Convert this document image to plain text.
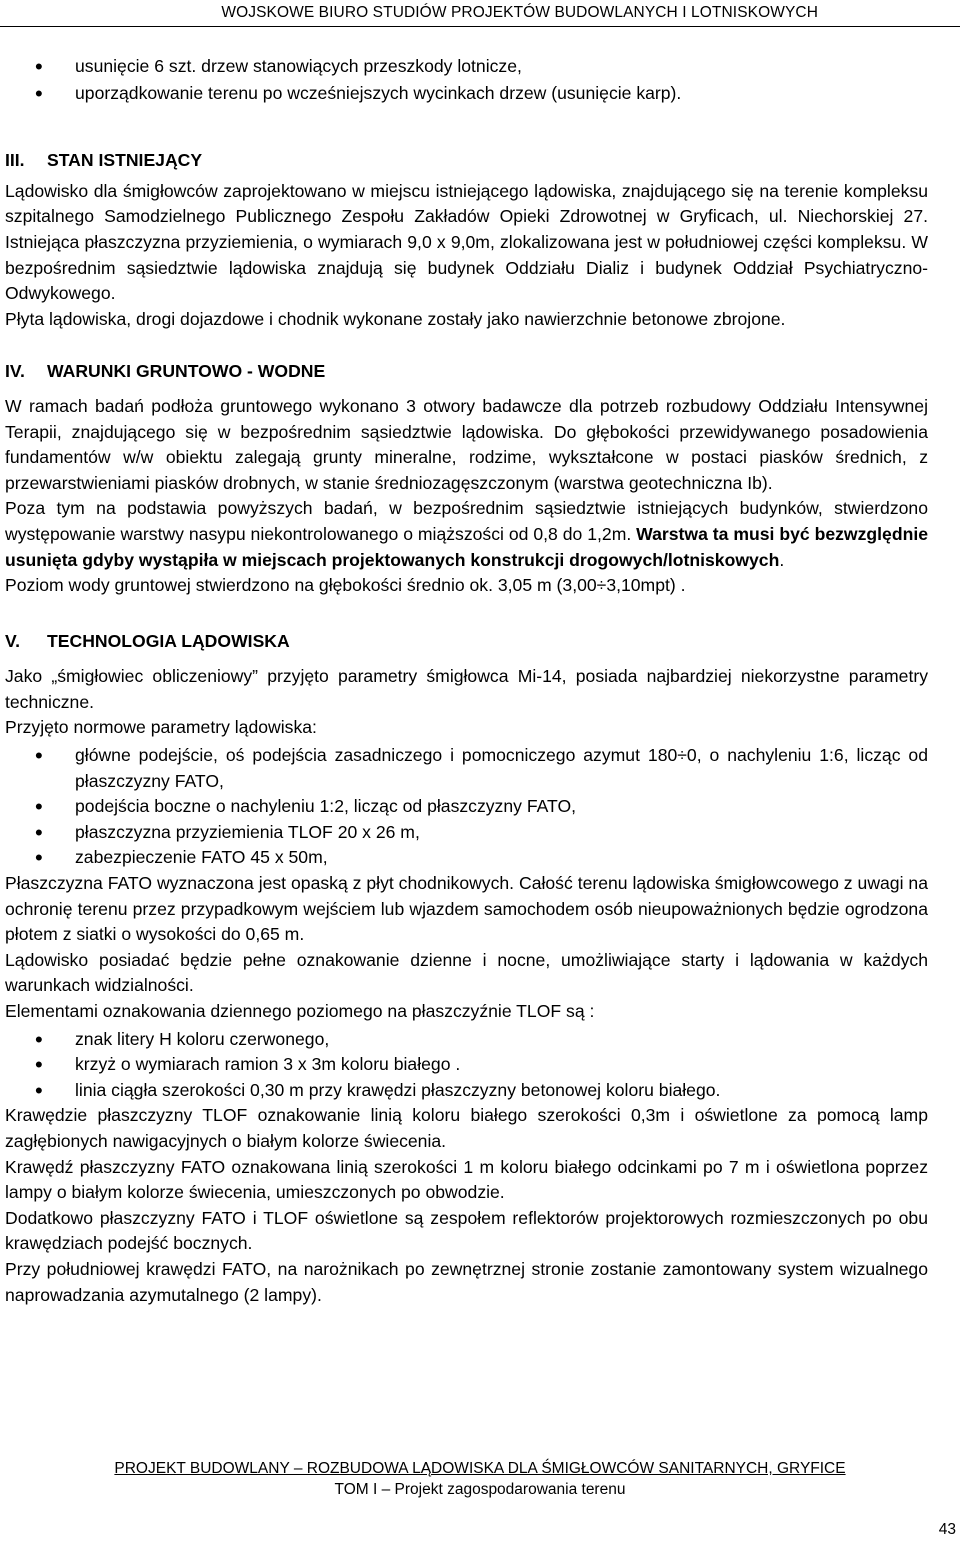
WOJSKOWE BIURO STUDIÓW PROJEKTÓW BUDOWLANYCH I LOTNISKOWYCH
• usunięcie 6 szt. drzew stanowiących przeszkody lotnicze,
• uporządkowanie terenu po wcześniejszych wycinkach drzew (usunięcie karp).
III. STAN ISTNIEJĄCY

Lądowisko dla śmigłowców zaprojektowano w miejscu istniejącego lądowiska, znajdującego się na terenie kompleksu szpitalnego Samodzielnego Publicznego Zespołu Zakładów Opieki Zdrowotnej w Gryficach, ul. Niechorskiej 27. Istniejąca płaszczyzna przyziemienia, o wymiarach 9,0 x 9,0m, zlokalizowana jest w południowej części kompleksu. W bezpośrednim sąsiedztwie lądowiska znajdują się budynek Oddziału Dializ i budynek Oddział Psychiatryczno-Odwykowego.

Płyta lądowiska, drogi dojazdowe i chodnik wykonane zostały jako nawierzchnie betonowe zbrojone.

IV. WARUNKI GRUNTOWO - WODNE

W ramach badań podłoża gruntowego wykonano 3 otwory badawcze dla potrzeb rozbudowy Oddziału Intensywnej Terapii, znajdującego się w bezpośrednim sąsiedztwie lądowiska. Do głębokości przewidywanego posadowienia fundamentów w/w obiektu zalegają grunty mineralne, rodzime, wykształcone w postaci piasków średnich, z przewarstwieniami piasków drobnych, w stanie średniozagęszczonym (warstwa geotechniczna Ib).

Poza tym na podstawia powyższych badań, w bezpośrednim sąsiedztwie istniejących budynków, stwierdzono występowanie warstwy nasypu niekontrolowanego o miąższości od 0,8 do 1,2m. Warstwa ta musi być bezwzględnie usunięta gdyby wystąpiła w miejscach projektowanych konstrukcji drogowych/lotniskowych.

Poziom wody gruntowej stwierdzono na głębokości średnio ok. 3,05 m (3,00÷3,10mpt) .

V. TECHNOLOGIA LĄDOWISKA

Jako „śmigłowiec obliczeniowy” przyjęto parametry śmigłowca Mi-14, posiada najbardziej niekorzystne parametry techniczne.

Przyjęto normowe parametry lądowiska:

• główne podejście, oś podejścia zasadniczego i pomocniczego azymut 180÷0, o nachyleniu 1:6, licząc od płaszczyzny FATO,
• podejścia boczne o nachyleniu 1:2, licząc od płaszczyzny FATO,
• płaszczyzna przyziemienia TLOF 20 x 26 m,
• zabezpieczenie FATO 45 x 50m,

Płaszczyzna FATO wyznaczona jest opaską z płyt chodnikowych. Całość terenu lądowiska śmigłowcowego z uwagi na ochronię terenu przez przypadkowym wejściem lub wjazdem samochodem osób nieupoważnionych będzie ogrodzona płotem z siatki o wysokości do 0,65 m.

Lądowisko posiadać będzie pełne oznakowanie dzienne i nocne, umożliwiające starty i lądowania w każdych warunkach widzialności.

Elementami oznakowania dziennego poziomego na płaszczyźnie TLOF są :

• znak litery H koloru czerwonego,
• krzyż o wymiarach ramion 3 x 3m koloru białego .
• linia ciągła szerokości 0,30 m przy krawędzi płaszczyzny betonowej koloru białego.

Krawędzie płaszczyzny TLOF oznakowanie linią koloru białego szerokości 0,3m i oświetlone za pomocą lamp zagłębionych nawigacyjnych o białym kolorze świecenia.

Krawędź płaszczyzny FATO oznakowana linią szerokości 1 m koloru białego odcinkami po 7 m i oświetlona poprzez lampy o białym kolorze świecenia, umieszczonych po obwodzie.

Dodatkowo płaszczyzny FATO i TLOF oświetlone są zespołem reflektorów projektorowych rozmieszczonych po obu krawędziach podejść bocznych.

Przy południowej krawędzi FATO, na narożnikach po zewnętrznej stronie zostanie zamontowany system wizualnego naprowadzania azymutalnego (2 lampy).

PROJEKT BUDOWLANY – ROZBUDOWA LĄDOWISKA DLA ŚMIGŁOWCÓW SANITARNYCH, GRYFICE
TOM I – Projekt zagospodarowania terenu
43
